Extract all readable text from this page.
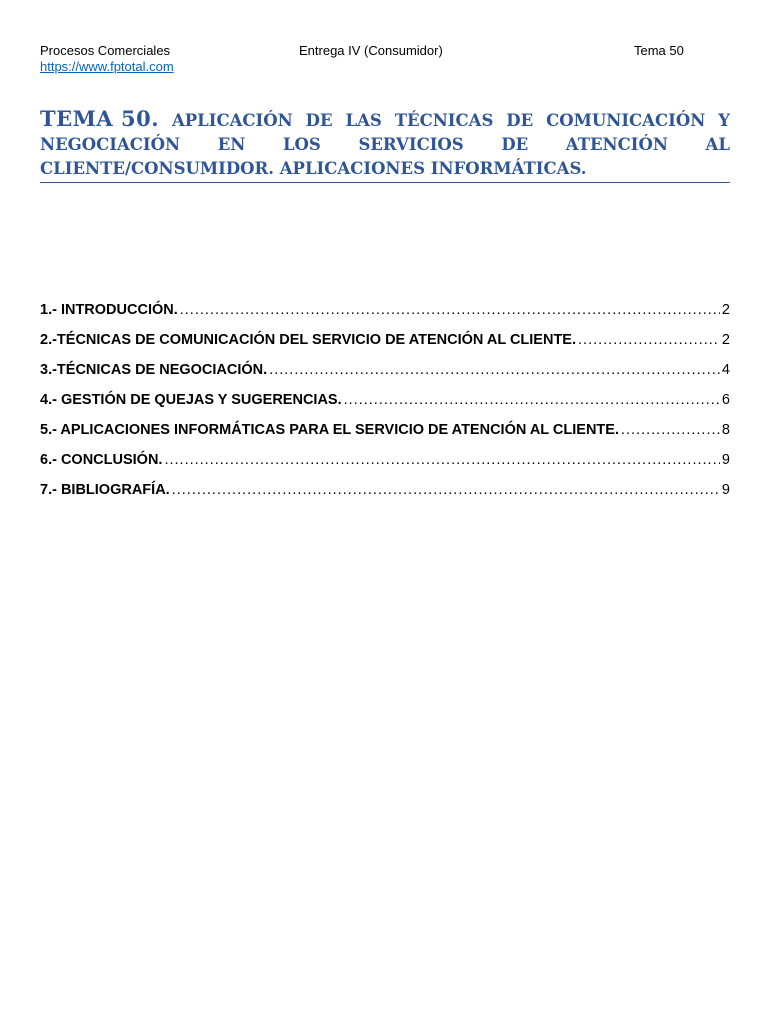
Procesos Comerciales	Entrega IV (Consumidor)	Tema 50
https://www.fptotal.com
TEMA 50. APLICACIÓN DE LAS TÉCNICAS DE COMUNICACIÓN Y
NEGOCIACIÓN EN LOS SERVICIOS DE ATENCIÓN AL
CLIENTE/CONSUMIDOR. APLICACIONES INFORMÁTICAS.
1.- INTRODUCCIÓN. .....	2
2.-TÉCNICAS DE COMUNICACIÓN DEL SERVICIO DE ATENCIÓN AL CLIENTE. .....	2
3.-TÉCNICAS DE NEGOCIACIÓN. .....	4
4.- GESTIÓN DE QUEJAS Y SUGERENCIAS. .....	6
5.- APLICACIONES INFORMÁTICAS PARA EL SERVICIO DE ATENCIÓN AL CLIENTE. .....	8
6.- CONCLUSIÓN. .....	9
7.- BIBLIOGRAFÍA. .....	9
